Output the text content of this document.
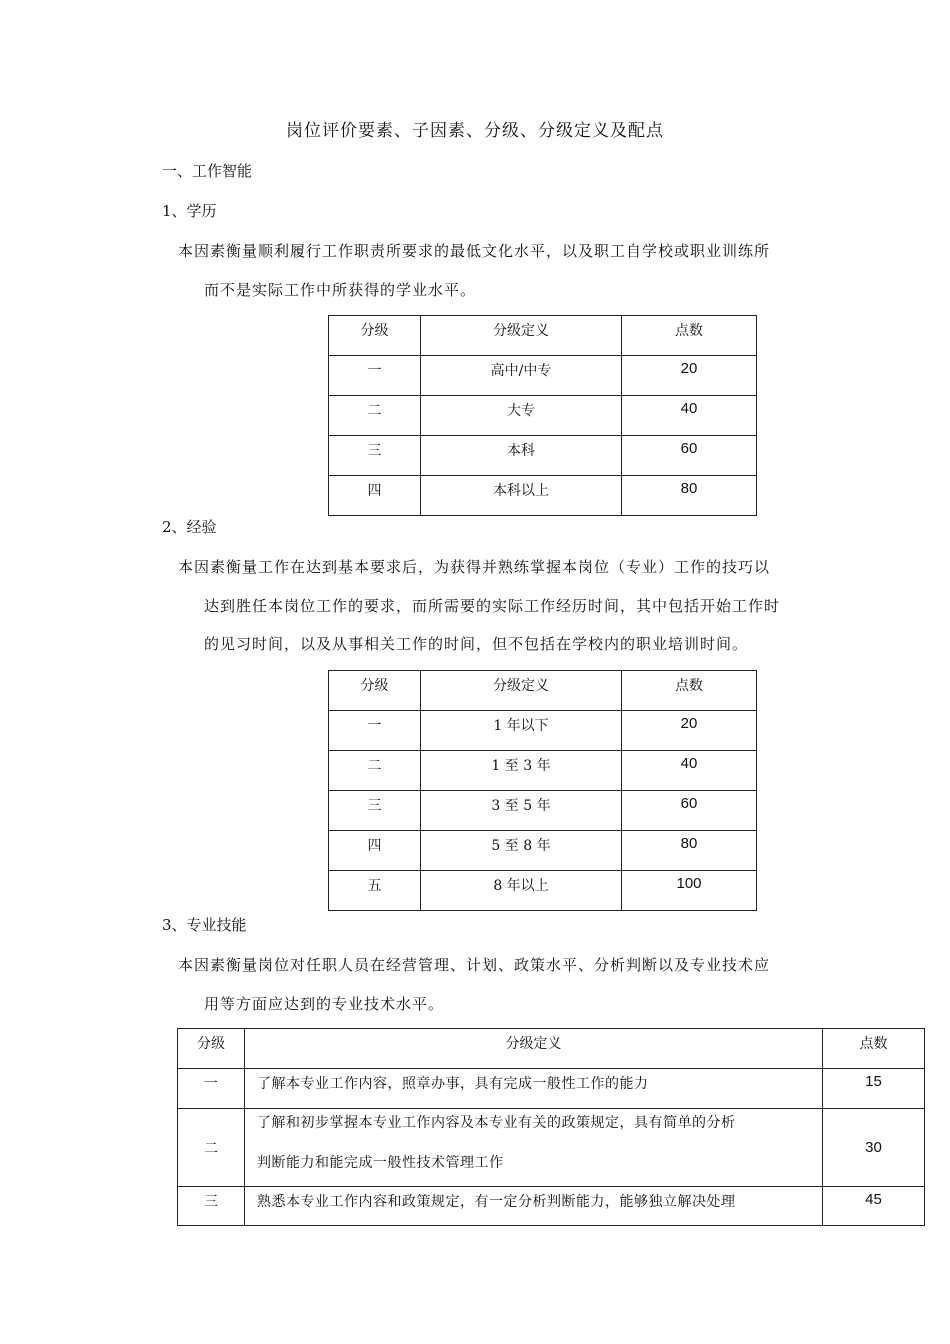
岗位评价要素、子因素、分级、分级定义及配点
一、工作智能
1、学历
本因素衡量顺利履行工作职责所要求的最低文化水平，以及职工自学校或职业训练所
而不是实际工作中所获得的学业水平。
分级	分级定义	点数

一	高中/中专	20

二	大专	40

三	本科	60

四	本科以上	80
2、经验
本因素衡量工作在达到基本要求后，为获得并熟练掌握本岗位（专业）工作的技巧以
达到胜任本岗位工作的要求，而所需要的实际工作经历时间，其中包括开始工作时
的见习时间，以及从事相关工作的时间，但不包括在学校内的职业培训时间。
分级	分级定义	点数

一	1 年以下	20

二	1 至 3 年	40

三	3 至 5 年	60

四	5 至 8 年	80

五	8 年以上	100
3、专业技能
本因素衡量岗位对任职人员在经营管理、计划、政策水平、分析判断以及专业技术应
用等方面应达到的专业技术水平。
分级	分级定义	点数

一	了解本专业工作内容，照章办事，具有完成一般性工作的能力	15

二	了解和初步掌握本专业工作内容及本专业有关的政策规定，具有简单的分析
判断能力和能完成一般性技术管理工作	30

三	熟悉本专业工作内容和政策规定，有一定分析判断能力，能够独立解决处理	45
